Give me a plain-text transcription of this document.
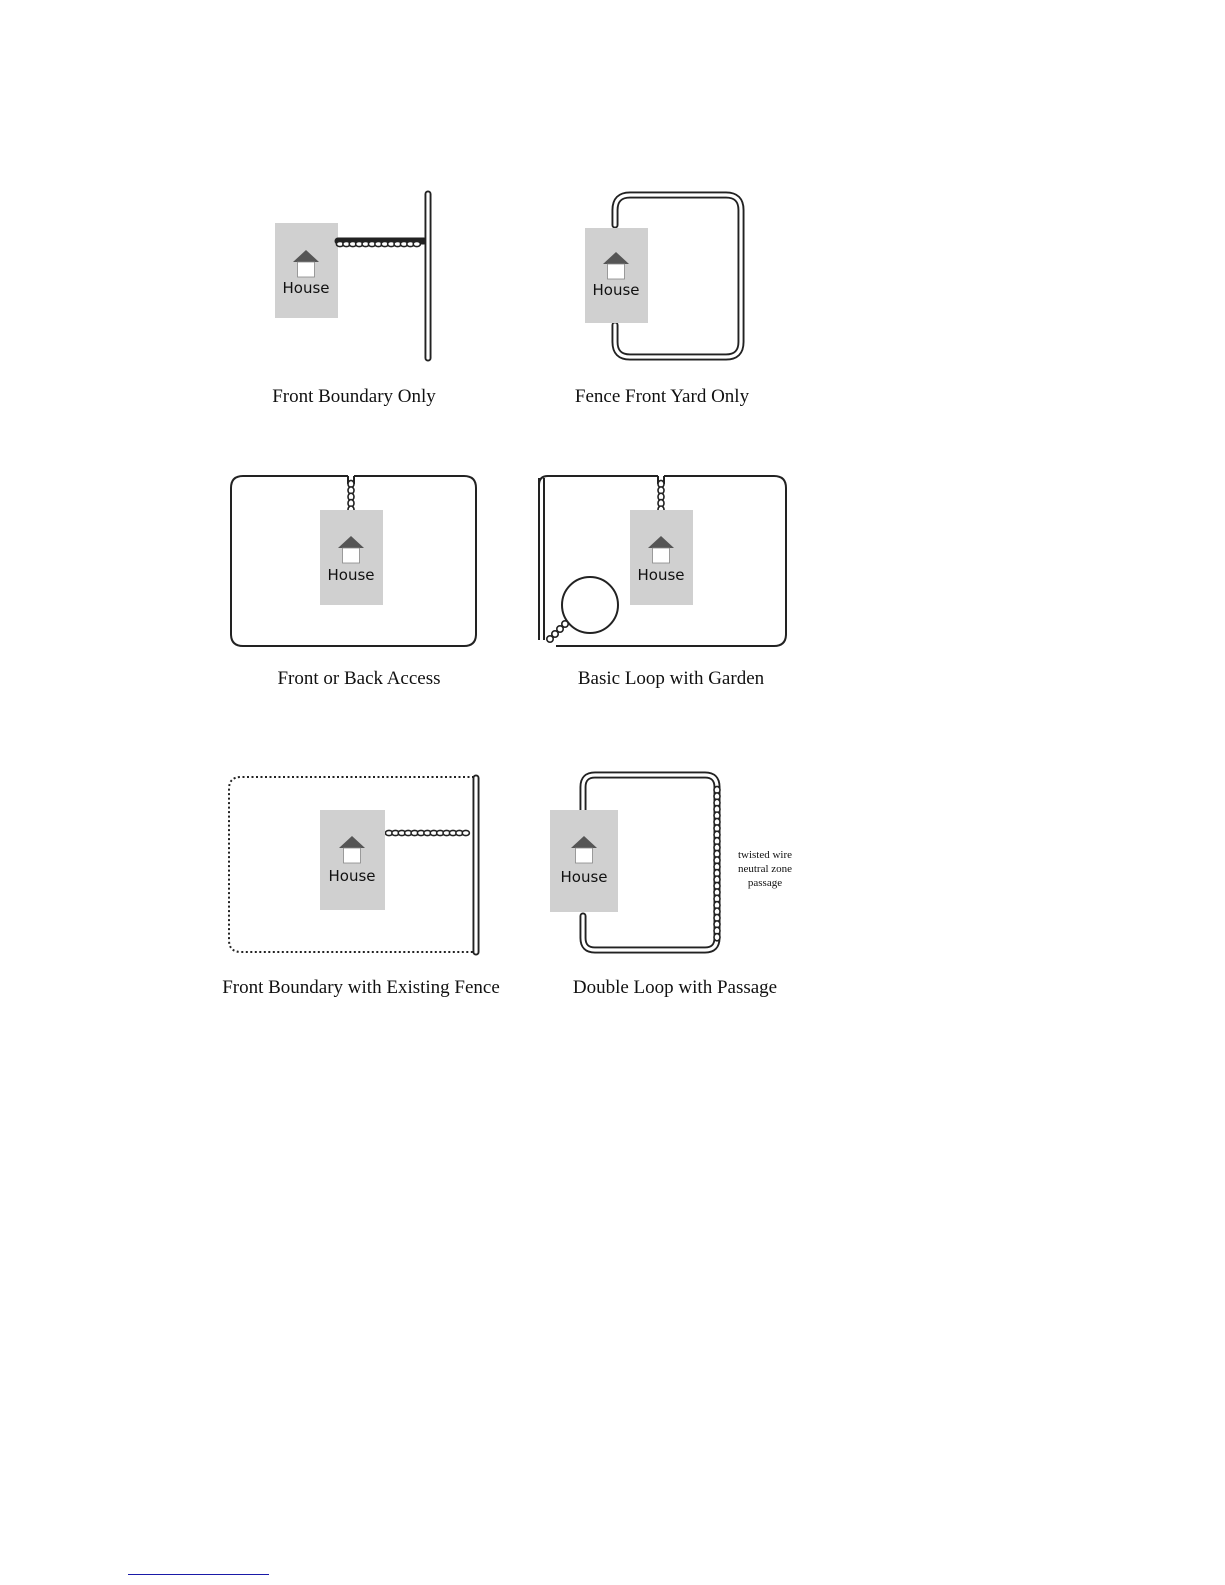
House
Front Boundary Only
House
Fence Front Yard Only
House
Front or Back Access
House
Basic Loop with Garden
House
Front Boundary with Existing Fence
House
twisted wire
neutral zone
passage
Double Loop with Passage
